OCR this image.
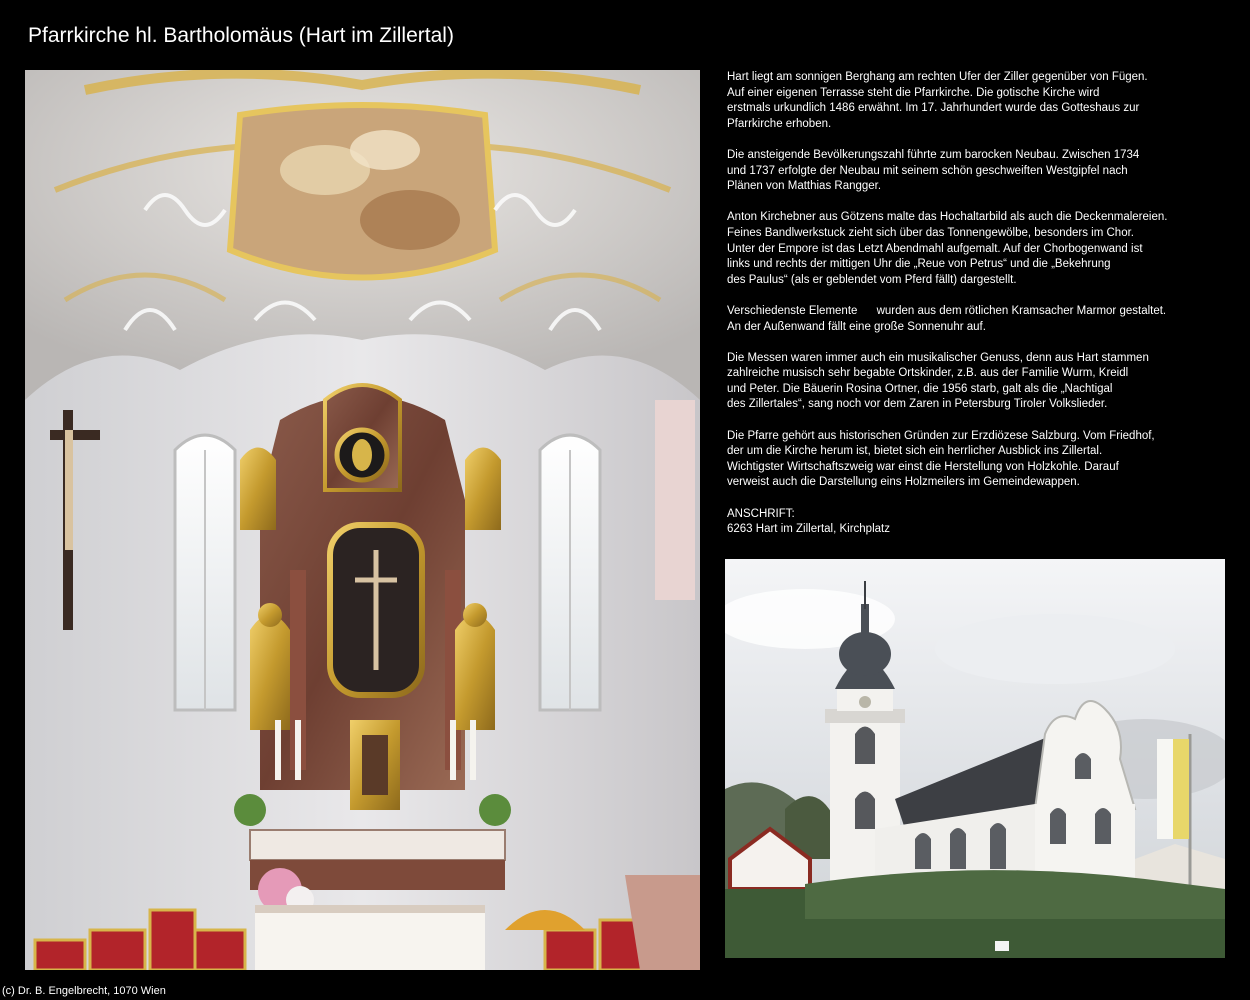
Pfarrkirche hl. Bartholomäus (Hart im Zillertal)

Hart liegt am sonnigen Berghang am rechten Ufer der Ziller gegenüber von Fügen.
Auf einer eigenen Terrasse steht die Pfarrkirche. Die gotische Kirche wird
erstmals urkundlich 1486 erwähnt. Im 17. Jahrhundert wurde das Gotteshaus zur
Pfarrkirche erhoben.

Die ansteigende Bevölkerungszahl führte zum barocken Neubau. Zwischen 1734
und 1737 erfolgte der Neubau mit seinem schön geschweiften Westgipfel nach
Plänen von Matthias Rangger.

Anton Kirchebner aus Götzens malte das Hochaltarbild als auch die Deckenmalereien.
Feines Bandlwerkstuck zieht sich über das Tonnengewölbe, besonders im Chor.
Unter der Empore ist das Letzt Abendmahl aufgemalt. Auf der Chorbogenwand ist
links und rechts der mittigen Uhr die „Reue von Petrus“ und die „Bekehrung
des Paulus“ (als er geblendet vom Pferd fällt) dargestellt.

Verschiedenste Elemente      wurden aus dem rötlichen Kramsacher Marmor gestaltet.
An der Außenwand fällt eine große Sonnenuhr auf.

Die Messen waren immer auch ein musikalischer Genuss, denn aus Hart stammen
zahlreiche musisch sehr begabte Ortskinder, z.B. aus der Familie Wurm, Kreidl
und Peter. Die Bäuerin Rosina Ortner, die 1956 starb, galt als die „Nachtigal
des Zillertales“, sang noch vor dem Zaren in Petersburg Tiroler Volkslieder.

Die Pfarre gehört aus historischen Gründen zur Erzdiözese Salzburg. Vom Friedhof,
der um die Kirche herum ist, bietet sich ein herrlicher Ausblick ins Zillertal.
Wichtigster Wirtschaftszweig war einst die Herstellung von Holzkohle. Darauf
verweist auch die Darstellung eins Holzmeilers im Gemeindewappen.

ANSCHRIFT:
6263 Hart im Zillertal, Kirchplatz

(c) Dr. B. Engelbrecht, 1070 Wien
